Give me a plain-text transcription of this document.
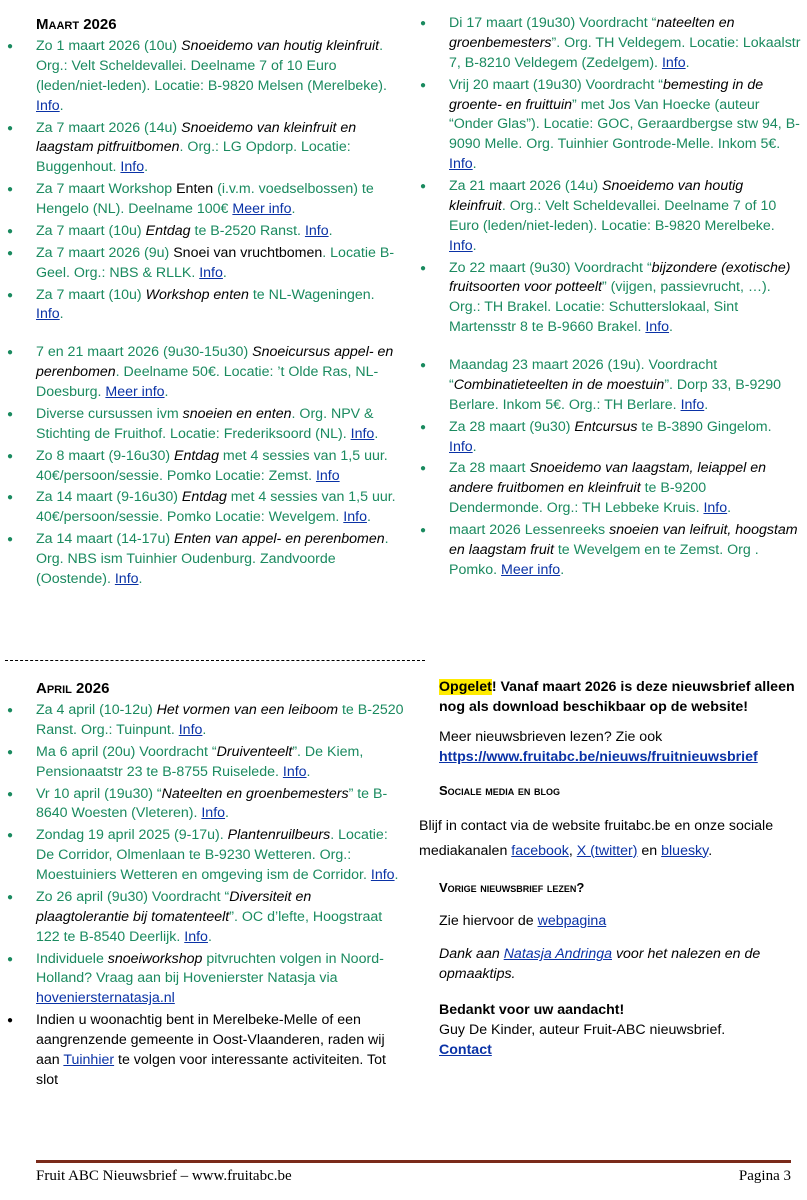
Maart 2026
● Zo 1 maart 2026 (10u) Snoeidemo van houtig kleinfruit. Org.: Velt Scheldevallei. Deelname 7 of 10 Euro (leden/niet-leden). Locatie: B-9820 Melsen (Merelbeke). Info.
● Za 7 maart 2026 (14u) Snoeidemo van kleinfruit en laagstam pitfruitbomen. Org.: LG Opdorp. Locatie: Buggenhout. Info.
● Za 7 maart Workshop Enten (i.v.m. voedselbossen) te Hengelo (NL). Deelname 100€ Meer info.
● Za 7 maart (10u) Entdag te B-2520 Ranst. Info.
● Za 7 maart 2026 (9u) Snoei van vruchtbomen. Locatie B- Geel. Org.: NBS & RLLK. Info.
● Za 7 maart (10u) Workshop enten te NL-Wageningen. Info.
● 7 en 21 maart 2026 (9u30-15u30) Snoeicursus appel- en perenbomen. Deelname 50€. Locatie: ’t Olde Ras, NL-Doesburg. Meer info.
● Diverse cursussen ivm snoeien en enten. Org. NPV & Stichting de Fruithof. Locatie: Frederiksoord (NL). Info.
● Zo 8 maart (9-16u30) Entdag met 4 sessies van 1,5 uur. 40€/persoon/sessie. Pomko Locatie: Zemst. Info
● Za 14 maart (9-16u30) Entdag met 4 sessies van 1,5 uur. 40€/persoon/sessie. Pomko Locatie: Wevelgem. Info.
● Za 14 maart (14-17u) Enten van appel- en perenbomen. Org. NBS ism Tuinhier Oudenburg. Zandvoorde (Oostende). Info.
● Di 17 maart (19u30) Voordracht “nateelten en groenbemesters”. Org. TH Veldegem. Locatie: Lokaalstr 7, B-8210 Veldegem (Zedelgem). Info.
● Vrij 20 maart (19u30) Voordracht “bemesting in de groente- en fruittuin” met Jos Van Hoecke (auteur “Onder Glas”). Locatie: GOC, Geraardbergse stw 94, B-9090 Melle. Org. Tuinhier Gontrode-Melle. Inkom 5€. Info.
● Za 21 maart 2026 (14u) Snoeidemo van houtig kleinfruit. Org.: Velt Scheldevallei. Deelname 7 of 10 Euro (leden/niet-leden). Locatie: B-9820 Merelbeke. Info.
● Zo 22 maart (9u30) Voordracht “bijzondere (exotische) fruitsoorten voor potteelt” (vijgen, passievrucht, …). Org.: TH Brakel. Locatie: Schutterslokaal, Sint Martensstr 8 te B-9660 Brakel. Info.
● Maandag 23 maart 2026 (19u). Voordracht “Combinatieteelten in de moestuin”. Dorp 33, B-9290 Berlare. Inkom 5€. Org.: TH Berlare. Info.
● Za 28 maart (9u30) Entcursus te B-3890 Gingelom. Info.
● Za 28 maart Snoeidemo van laagstam, leiappel en andere fruitbomen en kleinfruit te B-9200 Dendermonde. Org.: TH Lebbeke Kruis. Info.
● maart 2026 Lessenreeks snoeien van leifruit, hoogstam en laagstam fruit te Wevelgem en te Zemst. Org . Pomko. Meer info.
April 2026
● Za 4 april (10-12u) Het vormen van een leiboom te B-2520 Ranst. Org.: Tuinpunt. Info.
● Ma 6 april (20u) Voordracht “Druiventeelt”. De Kiem, Pensionaatstr 23 te B-8755 Ruiselede. Info.
● Vr 10 april (19u30) “Nateelten en groenbemesters” te B-8640 Woesten (Vleteren). Info.
● Zondag 19 april 2025 (9-17u). Plantenruilbeurs. Locatie: De Corridor, Olmenlaan te B-9230 Wetteren. Org.: Moestuiniers Wetteren en omgeving ism de Corridor. Info.
● Zo 26 april (9u30) Voordracht “Diversiteit en plaagtolerantie bij tomatenteelt”. OC d’lefte, Hoogstraat 122 te B-8540 Deerlijk. Info.
● Individuele snoeiworkshop pitvruchten volgen in Noord-Holland? Vraag aan bij Hovenierster Natasja via hoveniersternatasja.nl
● Indien u woonachtig bent in Merelbeke-Melle of een aangrenzende gemeente in Oost-Vlaanderen, raden wij aan Tuinhier te volgen voor interessante activiteiten. Tot slot

Opgelet! Vanaf maart 2026 is deze nieuwsbrief alleen nog als download beschikbaar op de website!

Meer nieuwsbrieven lezen? Zie ook
https://www.fruitabc.be/nieuws/fruitnieuwsbrief

Sociale media en blog

Blijf in contact via de website fruitabc.be en onze sociale mediakanalen facebook, X (twitter) en bluesky.

Vorige nieuwsbrief lezen?

Zie hiervoor de webpagina

Dank aan Natasja Andringa voor het nalezen en de opmaaktips.

Bedankt voor uw aandacht!
Guy De Kinder, auteur Fruit-ABC nieuwsbrief.
Contact

Fruit ABC Nieuwsbrief – www.fruitabc.be	Pagina 3
